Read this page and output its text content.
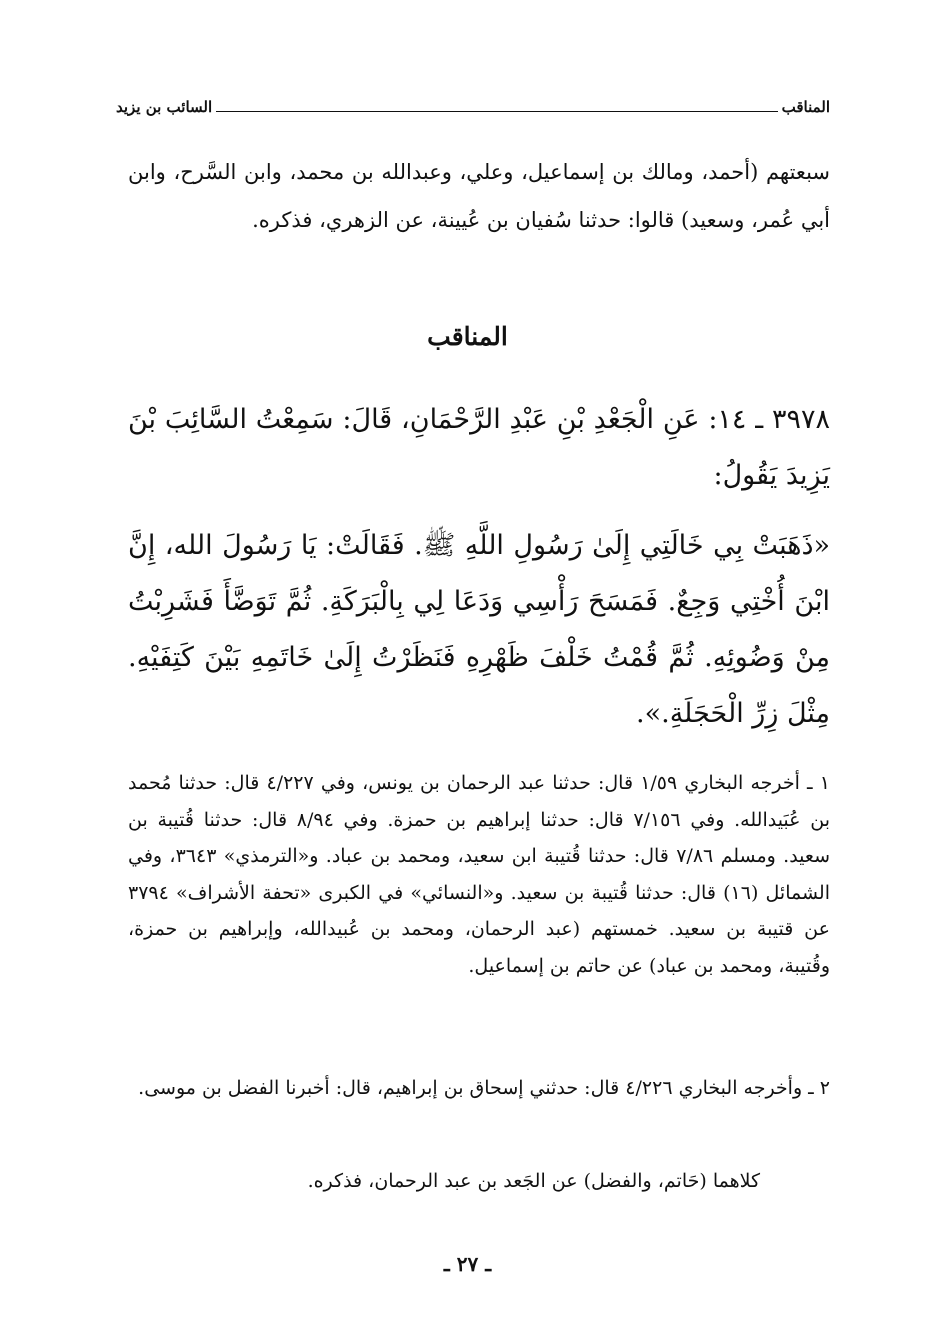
المناقب
السائب بن يزيد

سبعتهم (أحمد، ومالك بن إسماعيل، وعلي، وعبدالله بن محمد، وابن السَّرح، وابن أبي عُمر، وسعيد) قالوا: حدثنا سُفيان بن عُيينة، عن الزهري، فذكره.

المناقب

٣٩٧٨ ـ ١٤: عَنِ الْجَعْدِ بْنِ عَبْدِ الرَّحْمَانِ، قَالَ: سَمِعْتُ السَّائِبَ بْنَ يَزِيدَ يَقُولُ:

«ذَهَبَتْ بِي خَالَتِي إِلَىٰ رَسُولِ اللَّهِ ﷺ. فَقَالَتْ: يَا رَسُولَ الله، إِنَّ ابْنَ أُخْتِي وَجِعٌ. فَمَسَحَ رَأْسِي وَدَعَا لِي بِالْبَرَكَةِ. ثُمَّ تَوَضَّأَ فَشَرِبْتُ مِنْ وَضُوئِهِ. ثُمَّ قُمْتُ خَلْفَ ظَهْرِهِ فَنَظَرْتُ إِلَىٰ خَاتَمِهِ بَيْنَ كَتِفَيْهِ. مِثْلَ زِرِّ الْحَجَلَةِ.».

١ ـ أخرجه البخاري ١/٥٩ قال: حدثنا عبد الرحمان بن يونس، وفي ٤/٢٢٧ قال: حدثنا مُحمد بن عُبَيدالله. وفي ٧/١٥٦ قال: حدثنا إبراهيم بن حمزة. وفي ٨/٩٤ قال: حدثنا قُتيبة بن سعيد. ومسلم ٧/٨٦ قال: حدثنا قُتيبة ابن سعيد، ومحمد بن عباد. و«الترمذي» ٣٦٤٣، وفي الشمائل (١٦) قال: حدثنا قُتيبة بن سعيد. و«النسائي» في الكبرى «تحفة الأشراف» ٣٧٩٤ عن قتيبة بن سعيد. خمستهم (عبد الرحمان، ومحمد بن عُبيدالله، وإبراهيم بن حمزة، وقُتيبة، ومحمد بن عباد) عن حاتم بن إسماعيل.

٢ ـ وأخرجه البخاري ٤/٢٢٦ قال: حدثني إسحاق بن إبراهيم، قال: أخبرنا الفضل بن موسى.

كلاهما (حَاتم، والفضل) عن الجَعد بن عبد الرحمان، فذكره.

ـ ٢٧ ـ
